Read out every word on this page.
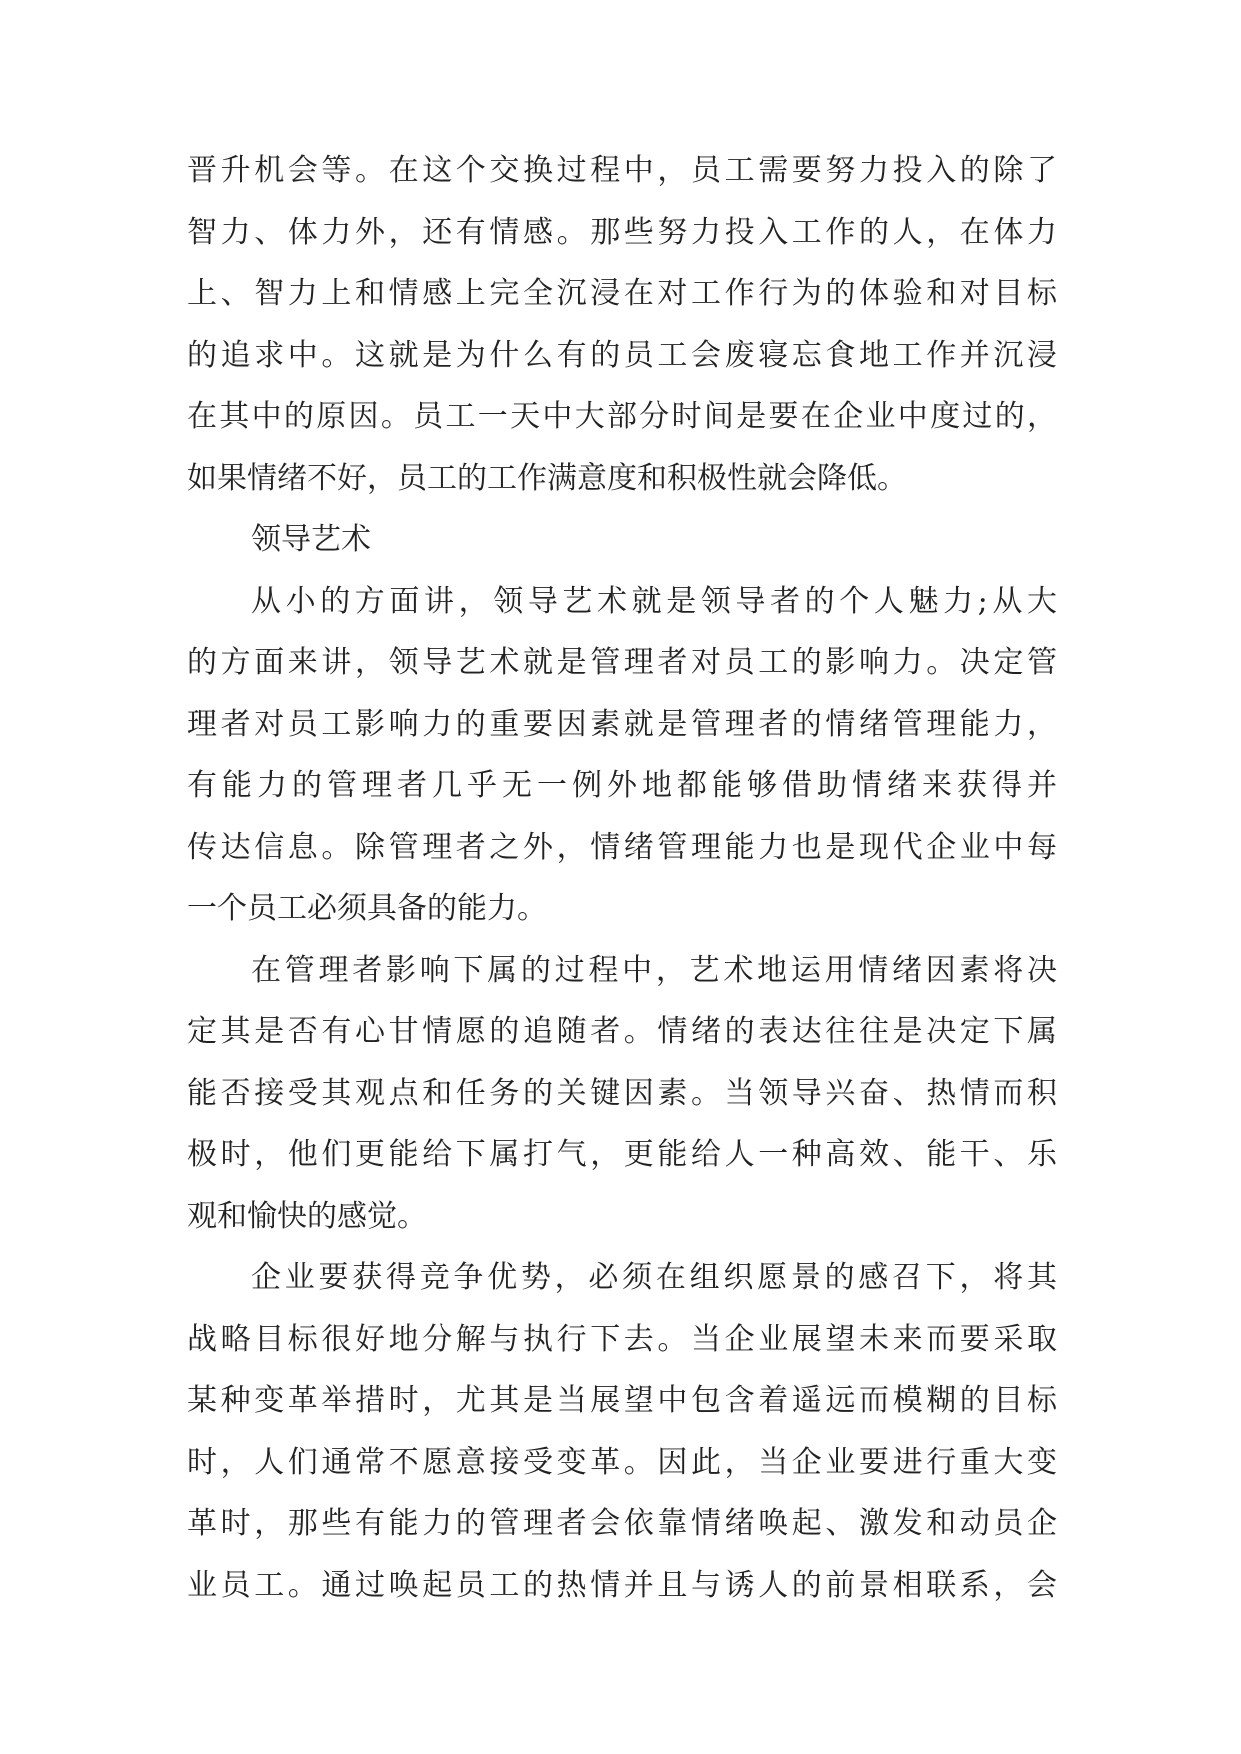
晋升机会等。在这个交换过程中，员工需要努力投入的除了
智力、体力外，还有情感。那些努力投入工作的人，在体力
上、智力上和情感上完全沉浸在对工作行为的体验和对目标
的追求中。这就是为什么有的员工会废寝忘食地工作并沉浸
在其中的原因。员工一天中大部分时间是要在企业中度过的，
如果情绪不好，员工的工作满意度和积极性就会降低。
领导艺术
从小的方面讲，领导艺术就是领导者的个人魅力;从大
的方面来讲，领导艺术就是管理者对员工的影响力。决定管
理者对员工影响力的重要因素就是管理者的情绪管理能力，
有能力的管理者几乎无一例外地都能够借助情绪来获得并
传达信息。除管理者之外，情绪管理能力也是现代企业中每
一个员工必须具备的能力。
在管理者影响下属的过程中，艺术地运用情绪因素将决
定其是否有心甘情愿的追随者。情绪的表达往往是决定下属
能否接受其观点和任务的关键因素。当领导兴奋、热情而积
极时，他们更能给下属打气，更能给人一种高效、能干、乐
观和愉快的感觉。
企业要获得竞争优势，必须在组织愿景的感召下，将其
战略目标很好地分解与执行下去。当企业展望未来而要采取
某种变革举措时，尤其是当展望中包含着遥远而模糊的目标
时，人们通常不愿意接受变革。因此，当企业要进行重大变
革时，那些有能力的管理者会依靠情绪唤起、激发和动员企
业员工。通过唤起员工的热情并且与诱人的前景相联系，会
